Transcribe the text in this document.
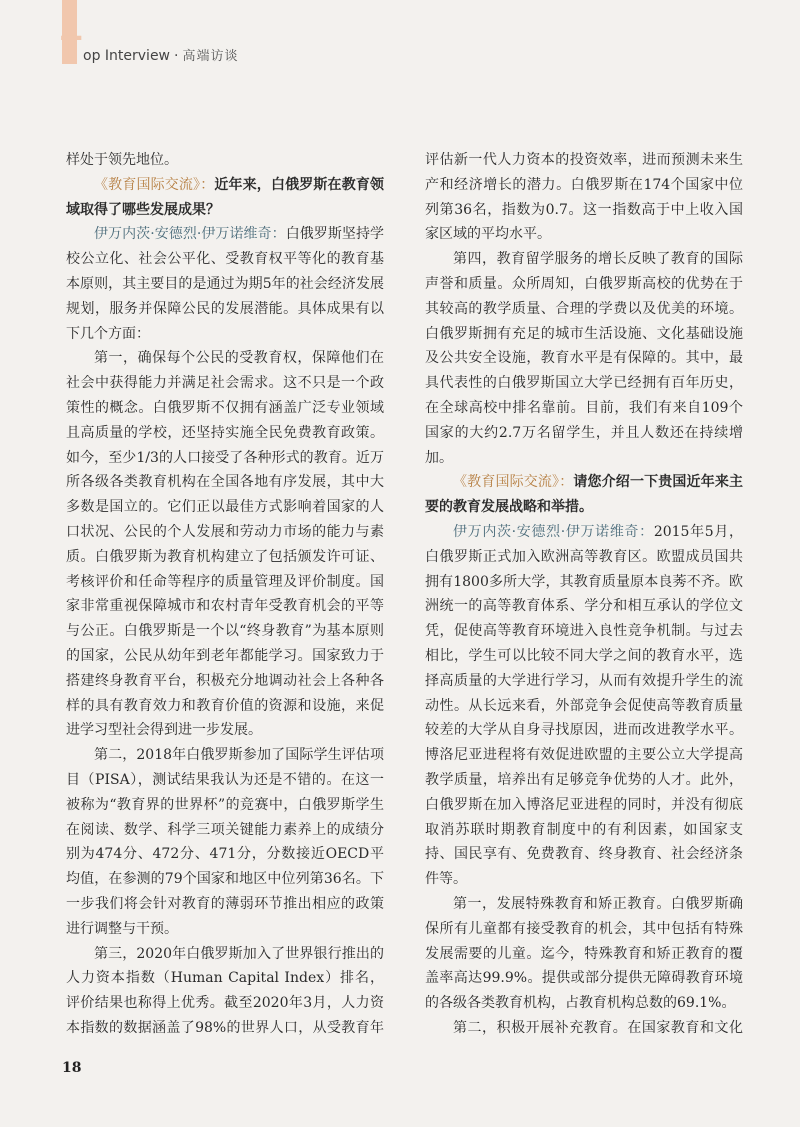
T op Interview · 高端访谈

样处于领先地位。

《教育国际交流》：近年来，白俄罗斯在教育领域取得了哪些发展成果？

伊万内茨·安德烈·伊万诺维奇：白俄罗斯坚持学校公立化、社会公平化、受教育权平等化的教育基本原则，其主要目的是通过为期5年的社会经济发展规划，服务并保障公民的发展潜能。具体成果有以下几个方面：

第一，确保每个公民的受教育权，保障他们在社会中获得能力并满足社会需求。这不只是一个政策性的概念。白俄罗斯不仅拥有涵盖广泛专业领域且高质量的学校，还坚持实施全民免费教育政策。如今，至少1/3的人口接受了各种形式的教育。近万所各级各类教育机构在全国各地有序发展，其中大多数是国立的。它们正以最佳方式影响着国家的人口状况、公民的个人发展和劳动力市场的能力与素质。白俄罗斯为教育机构建立了包括颁发许可证、考核评价和任命等程序的质量管理及评价制度。国家非常重视保障城市和农村青年受教育机会的平等与公正。白俄罗斯是一个以“终身教育”为基本原则的国家，公民从幼年到老年都能学习。国家致力于搭建终身教育平台，积极充分地调动社会上各种各样的具有教育效力和教育价值的资源和设施，来促进学习型社会得到进一步发展。

第二，2018年白俄罗斯参加了国际学生评估项目（PISA），测试结果我认为还是不错的。在这一被称为“教育界的世界杯”的竞赛中，白俄罗斯学生在阅读、数学、科学三项关键能力素养上的成绩分别为474分、472分、471分，分数接近OECD平均值，在参测的79个国家和地区中位列第36名。下一步我们将会针对教育的薄弱环节推出相应的政策进行调整与干预。

第三，2020年白俄罗斯加入了世界银行推出的人力资本指数（Human Capital Index）排名，评价结果也称得上优秀。截至2020年3月，人力资本指数的数据涵盖了98%的世界人口，从受教育年

评估新一代人力资本的投资效率，进而预测未来生产和经济增长的潜力。白俄罗斯在174个国家中位列第36名，指数为0.7。这一指数高于中上收入国家区域的平均水平。

第四，教育留学服务的增长反映了教育的国际声誉和质量。众所周知，白俄罗斯高校的优势在于其较高的教学质量、合理的学费以及优美的环境。白俄罗斯拥有充足的城市生活设施、文化基础设施及公共安全设施，教育水平是有保障的。其中，最具代表性的白俄罗斯国立大学已经拥有百年历史，在全球高校中排名靠前。目前，我们有来自109个国家的大约2.7万名留学生，并且人数还在持续增加。

《教育国际交流》：请您介绍一下贵国近年来主要的教育发展战略和举措。

伊万内茨·安德烈·伊万诺维奇：2015年5月，白俄罗斯正式加入欧洲高等教育区。欧盟成员国共拥有1800多所大学，其教育质量原本良莠不齐。欧洲统一的高等教育体系、学分和相互承认的学位文凭，促使高等教育环境进入良性竞争机制。与过去相比，学生可以比较不同大学之间的教育水平，选择高质量的大学进行学习，从而有效提升学生的流动性。从长远来看，外部竞争会促使高等教育质量较差的大学从自身寻找原因，进而改进教学水平。博洛尼亚进程将有效促进欧盟的主要公立大学提高教学质量，培养出有足够竞争优势的人才。此外，白俄罗斯在加入博洛尼亚进程的同时，并没有彻底取消苏联时期教育制度中的有利因素，如国家支持、国民享有、免费教育、终身教育、社会经济条件等。

第一，发展特殊教育和矫正教育。白俄罗斯确保所有儿童都有接受教育的机会，其中包括有特殊发展需要的儿童。迄今，特殊教育和矫正教育的覆盖率高达99.9%。提供或部分提供无障碍教育环境的各级各类教育机构，占教育机构总数的69.1%。

第二，积极开展补充教育。在国家教育和文化

18
